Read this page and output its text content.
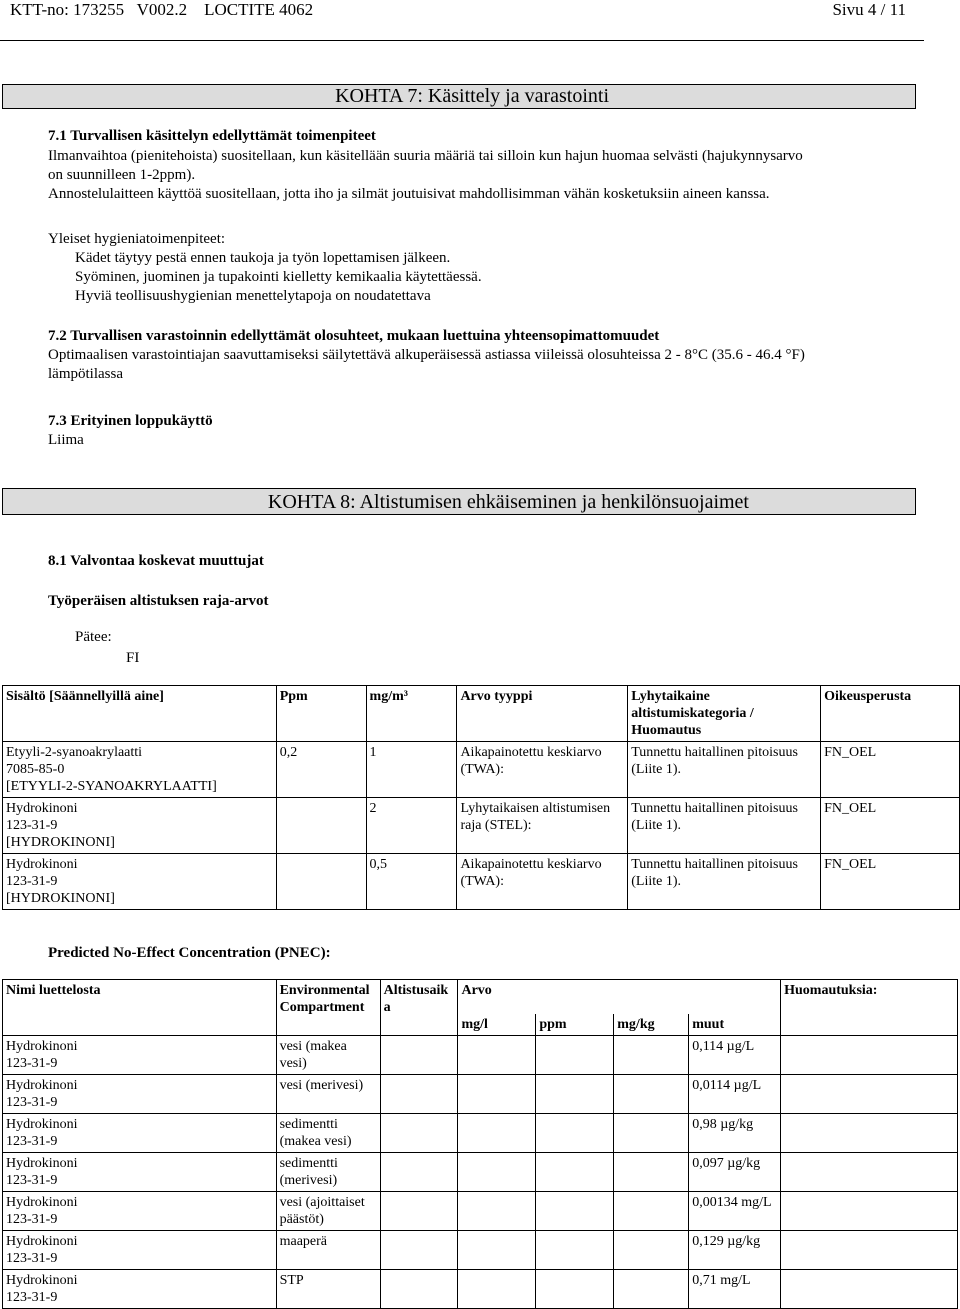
KTT-no: 173255 V002.2 LOCTITE 4062	Sivu 4 / 11
KOHTA 7: Käsittely ja varastointi
7.1 Turvallisen käsittelyn edellyttämät toimenpiteet
Ilmanvaihtoa (pienitehoista) suositellaan, kun käsitellään suuria määriä tai silloin kun hajun huomaa selvästi (hajukynnysarvo
on suunnilleen 1-2ppm).
Annostelulaitteen käyttöä suositellaan, jotta iho ja silmät joutuisivat mahdollisimman vähän kosketuksiin aineen kanssa.
Yleiset hygieniatoimenpiteet:
Kädet täytyy pestä ennen taukoja ja työn lopettamisen jälkeen.
Syöminen, juominen ja tupakointi kielletty kemikaalia käytettäessä.
Hyviä teollisuushygienian menettelytapoja on noudatettava
7.2 Turvallisen varastoinnin edellyttämät olosuhteet, mukaan luettuina yhteensopimattomuudet
Optimaalisen varastointiajan saavuttamiseksi säilytettävä alkuperäisessä astiassa viileissä olosuhteissa 2 - 8°C (35.6 - 46.4 °F)
lämpötilassa
7.3 Erityinen loppukäyttö
Liima
KOHTA 8: Altistumisen ehkäiseminen ja henkilönsuojaimet
8.1 Valvontaa koskevat muuttujat
Työperäisen altistuksen raja-arvot
Pätee:
FI
Sisältö [Säännellyillä aine]	Ppm	mg/m³	Arvo tyyppi	Lyhytaikaine altistumiskategoria / Huomautus	Oikeusperusta

Etyyli-2-syanoakrylaatti
7085-85-0
[ETYYLI-2-SYANOAKRYLAATTI]	0,2	1	Aikapainotettu keskiarvo (TWA):	Tunnettu haitallinen pitoisuus (Liite 1).	FN_OEL

Hydrokinoni
123-31-9
[HYDROKINONI]		2	Lyhytaikaisen altistumisen raja (STEL):	Tunnettu haitallinen pitoisuus (Liite 1).	FN_OEL

Hydrokinoni
123-31-9
[HYDROKINONI]		0,5	Aikapainotettu keskiarvo (TWA):	Tunnettu haitallinen pitoisuus (Liite 1).	FN_OEL
Predicted No-Effect Concentration (PNEC):
Nimi luettelosta	Environmental Compartment	Altistusaik a	Arvo				Huomautuksia:
			mg/l	ppm	mg/kg	muut	

Hydrokinoni
123-31-9	vesi (makea vesi)					0,114 µg/L	

Hydrokinoni
123-31-9	vesi (merivesi)					0,0114 µg/L	

Hydrokinoni
123-31-9	sedimentti (makea vesi)					0,98 µg/kg	

Hydrokinoni
123-31-9	sedimentti (merivesi)					0,097 µg/kg	

Hydrokinoni
123-31-9	vesi (ajoittaiset päästöt)					0,00134 mg/L	

Hydrokinoni
123-31-9	maaperä					0,129 µg/kg	

Hydrokinoni
123-31-9	STP					0,71 mg/L	
